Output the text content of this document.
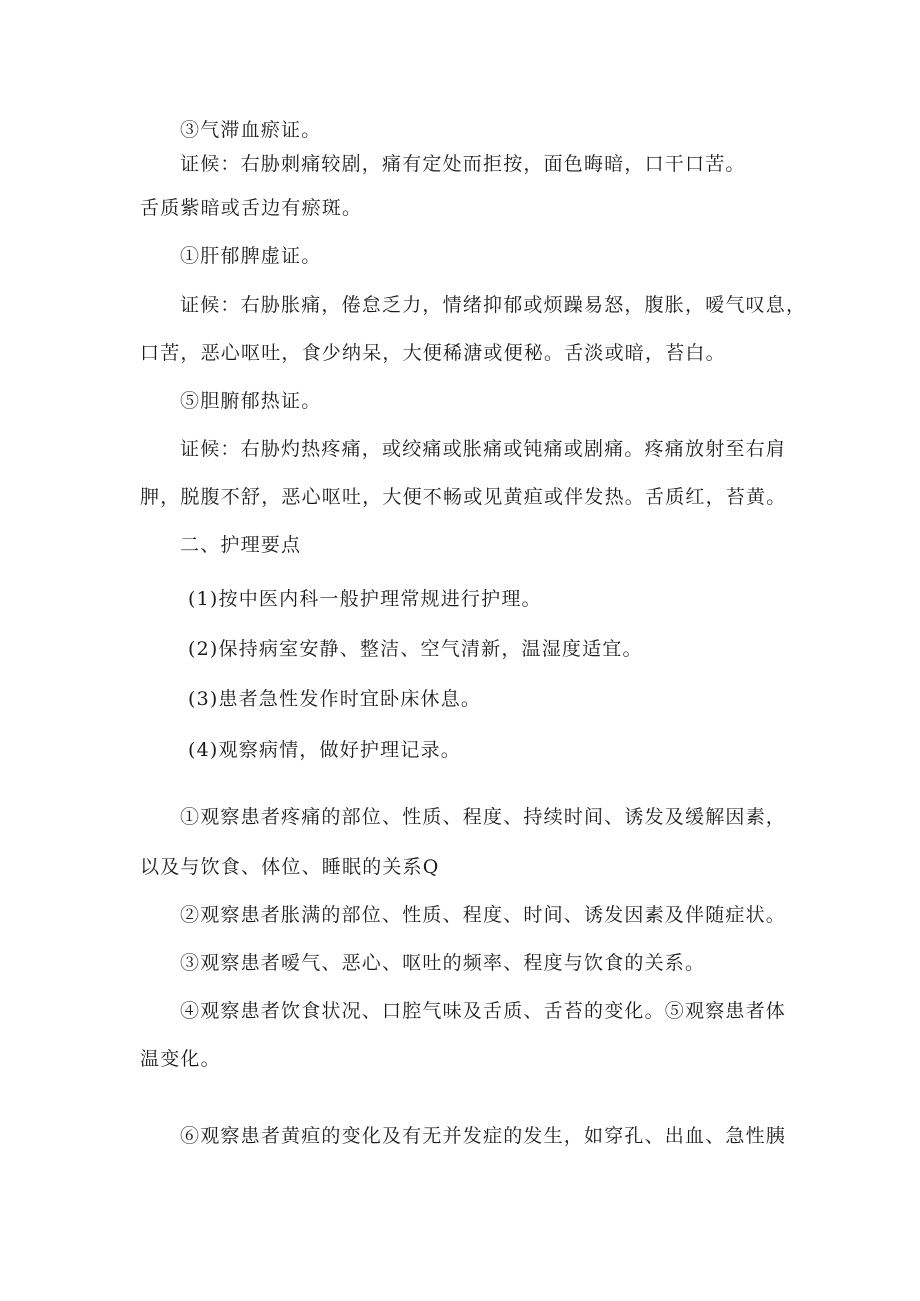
③气滞血瘀证。
证候：右胁刺痛较剧，痛有定处而拒按，面色晦暗，口干口苦。
舌质紫暗或舌边有瘀斑。
①肝郁脾虚证。
证候：右胁胀痛，倦怠乏力，情绪抑郁或烦躁易怒，腹胀，嗳气叹息，
口苦，恶心呕吐，食少纳呆，大便稀溏或便秘。舌淡或暗，苔白。
⑤胆腑郁热证。
证候：右胁灼热疼痛，或绞痛或胀痛或钝痛或剧痛。疼痛放射至右肩
胛，脱腹不舒，恶心呕吐，大便不畅或见黄疸或伴发热。舌质红，苔黄。
二、护理要点
(1)按中医内科一般护理常规进行护理。
(2)保持病室安静、整洁、空气清新，温湿度适宜。
(3)患者急性发作时宜卧床休息。
(4)观察病情，做好护理记录。
①观察患者疼痛的部位、性质、程度、持续时间、诱发及缓解因素，
以及与饮食、体位、睡眠的关系Q
②观察患者胀满的部位、性质、程度、时间、诱发因素及伴随症状。
③观察患者嗳气、恶心、呕吐的频率、程度与饮食的关系。
④观察患者饮食状况、口腔气味及舌质、舌苔的变化。⑤观察患者体
温变化。
⑥观察患者黄疸的变化及有无并发症的发生，如穿孔、出血、急性胰
